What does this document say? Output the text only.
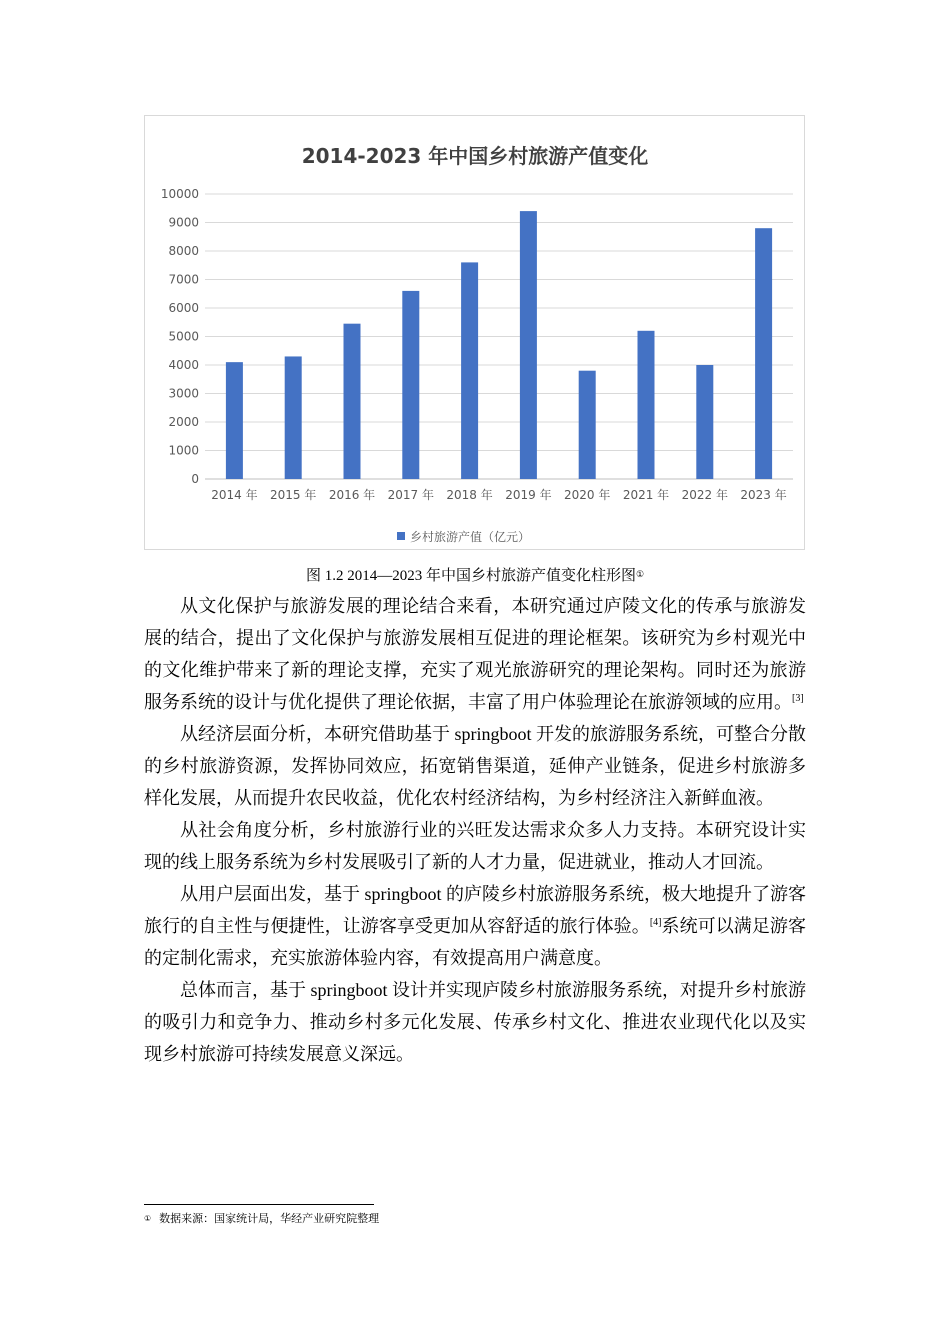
2014-2023 年中国乡村旅游产值变化
0
1000
2000
3000
4000
5000
6000
7000
8000
9000
10000
2014 年 2015 年 2016 年 2017 年 2018 年 2019 年 2020 年 2021 年 2022 年 2023 年
乡村旅游产值（亿元）
图 1.2 2014—2023 年中国乡村旅游产值变化柱形图①

从文化保护与旅游发展的理论结合来看，本研究通过庐陵文化的传承与旅游发展的结合，提出了文化保护与旅游发展相互促进的理论框架。该研究为乡村观光中的文化维护带来了新的理论支撑，充实了观光旅游研究的理论架构。同时还为旅游服务系统的设计与优化提供了理论依据，丰富了用户体验理论在旅游领域的应用。[3]

从经济层面分析，本研究借助基于 springboot 开发的旅游服务系统，可整合分散的乡村旅游资源，发挥协同效应，拓宽销售渠道，延伸产业链条，促进乡村旅游多样化发展，从而提升农民收益，优化农村经济结构，为乡村经济注入新鲜血液。

从社会角度分析，乡村旅游行业的兴旺发达需求众多人力支持。本研究设计实现的线上服务系统为乡村发展吸引了新的人才力量，促进就业，推动人才回流。

从用户层面出发，基于 springboot 的庐陵乡村旅游服务系统，极大地提升了游客旅行的自主性与便捷性，让游客享受更加从容舒适的旅行体验。[4]系统可以满足游客的定制化需求，充实旅游体验内容，有效提高用户满意度。

总体而言，基于 springboot 设计并实现庐陵乡村旅游服务系统，对提升乡村旅游的吸引力和竞争力、推动乡村多元化发展、传承乡村文化、推进农业现代化以及实现乡村旅游可持续发展意义深远。

① 数据来源：国家统计局，华经产业研究院整理
